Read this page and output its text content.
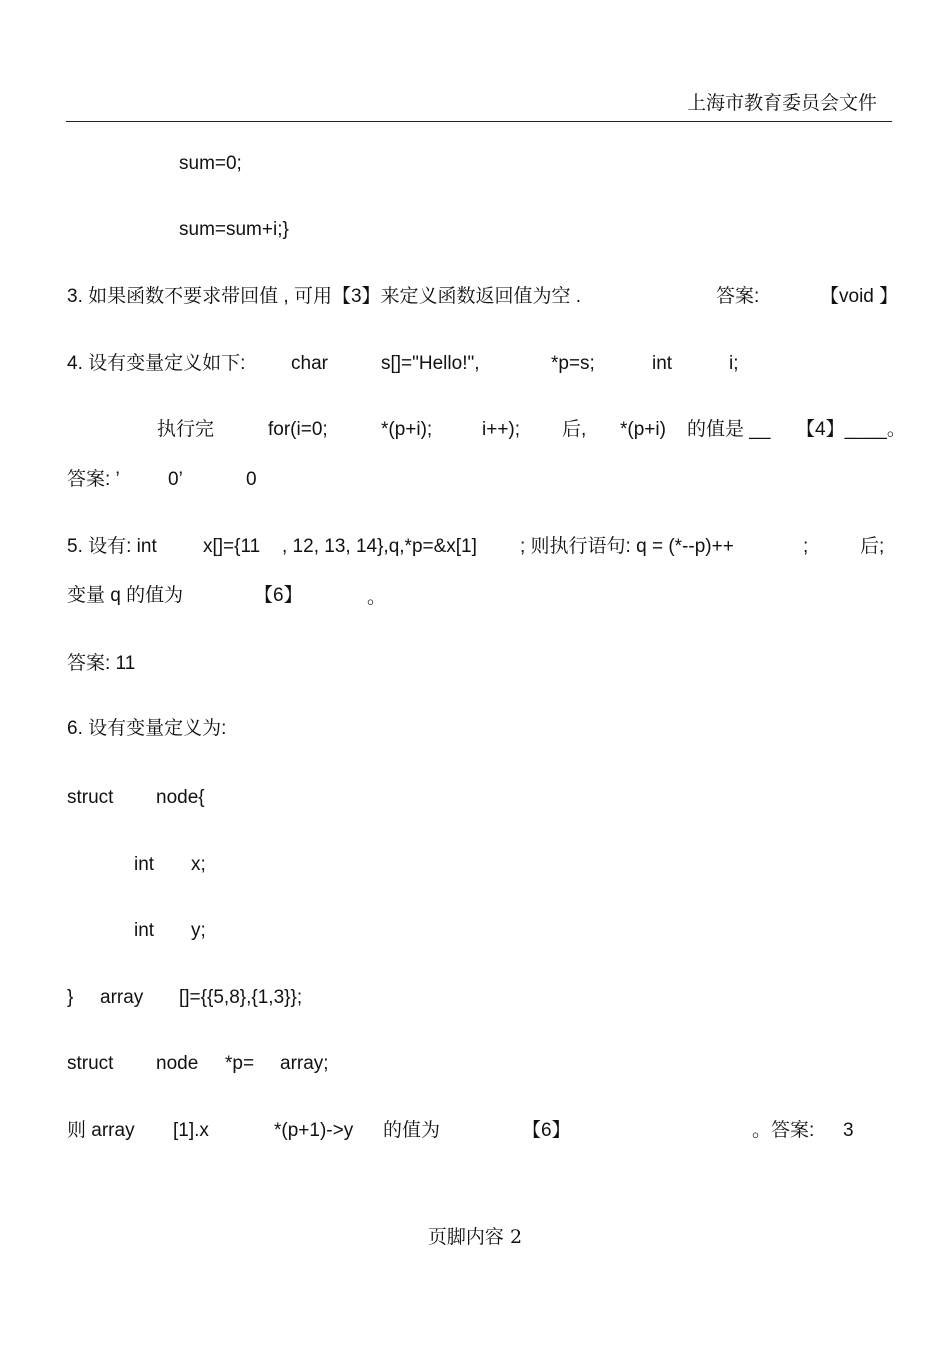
上海市教育委员会文件
sum=0;
sum=sum+i;}
3. 如果函数不要求带回值 , 可用【3】来定义函数返回值为空 .	答案:	【void 】
4. 设有变量定义如下: char	s[]="Hello!",	*p=s;	int	i;
执行完	for(i=0;	*(p+i);	i++); 后, *(p+i) 的值是 __ 【4】____。
答案: ’	0’	0
5. 设有: int x[]={11 , 12, 13, 14},q,*p=&x[1] ; 则执行语句: q = (*--p)++	;	后;
变量 q 的值为	【6】	。
答案: 11
6. 设有变量定义为:
struct node{
int x;
int y;
} array []={{5,8},{1,3}};
struct node *p= array;
则 array [1].x	*(p+1)->y 的值为	【6】	。答案: 3
页脚内容 2
